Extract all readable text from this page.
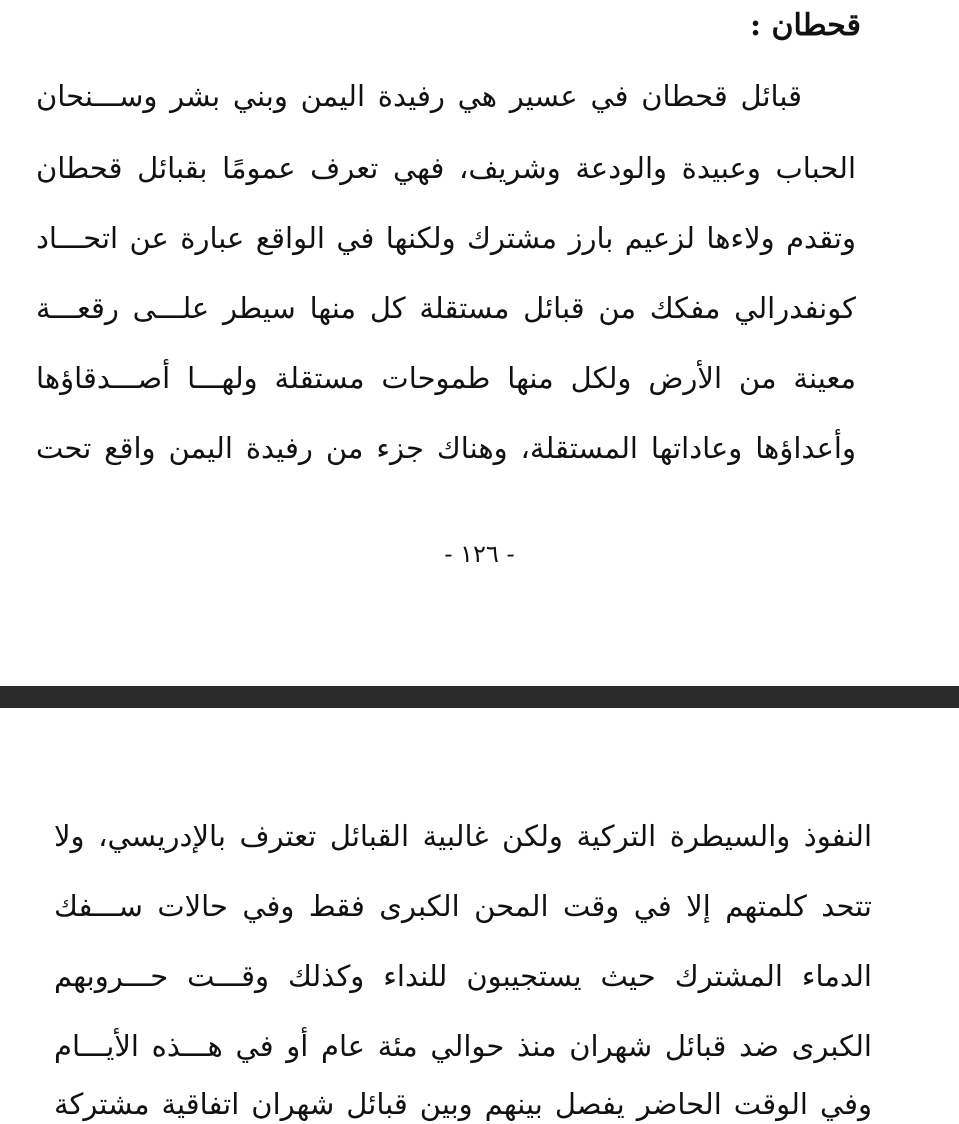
قحطان :
قبائل قحطان في عسير هي رفيدة اليمن وبني بشر وســـنحان
الحباب وعبيدة والودعة وشريف، فهي تعرف عمومًا بقبائل قحطان
وتقدم ولاءها لزعيم بارز مشترك ولكنها في الواقع عبارة عن اتحـــاد
كونفدرالي مفكك من قبائل مستقلة كل منها سيطر علـــى رقعـــة
معينة من الأرض ولكل منها طموحات مستقلة ولهـــا أصـــدقاؤها
وأعداؤها وعاداتها المستقلة، وهناك جزء من رفيدة اليمن واقع تحت
- ١٢٦ -
النفوذ والسيطرة التركية ولكن غالبية القبائل تعترف بالإدريسي، ولا
تتحد كلمتهم إلا في وقت المحن الكبرى فقط وفي حالات ســـفك
الدماء المشترك حيث يستجيبون للنداء وكذلك وقـــت حـــروبهم
الكبرى ضد قبائل شهران منذ حوالي مئة عام أو في هـــذه الأيـــام
وفي الوقت الحاضر يفصل بينهم وبين قبائل شهران اتفاقية مشتركة
